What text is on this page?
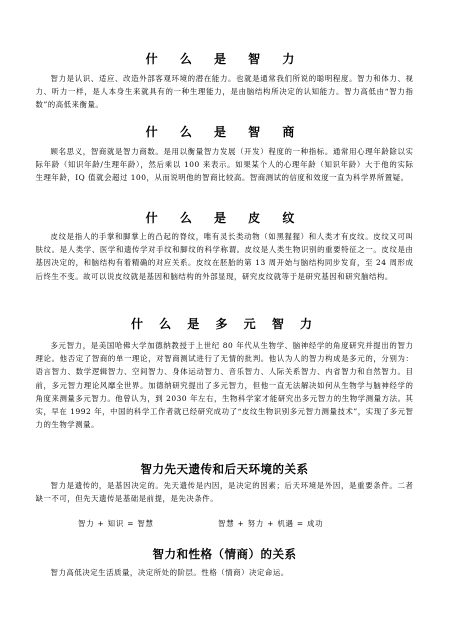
什 么 是 智 力

智力是认识、适应、改造外部客观环境的潜在能力。也就是通常我们所说的聪明程度。智力和体力、视力、听力一样，是人本身生来就具有的一种生理能力，是由脑结构所决定的认知能力。智力高低由“智力指数”的高低来衡量。

什 么 是 智 商

顾名思义，智商就是智力商数。是用以衡量智力发展（开发）程度的一种指标。通常用心理年龄除以实际年龄（知识年龄/生理年龄），然后乘以 100 来表示。如果某个人的心理年龄（知识年龄）大于他的实际生理年龄，IQ 值就会超过 100，从而说明他的智商比较高。智商测试的信度和效度一直为科学界所置疑。

什 么 是 皮 纹

皮纹是指人的手掌和脚掌上的凸起的脊纹，唯有灵长类动物（如黑猩猩）和人类才有皮纹。皮纹又可叫肤纹。是人类学、医学和遗传学对手纹和脚纹的科学称谓。皮纹是人类生物识别的重要特征之一。皮纹是由基因决定的，和脑结构有着精确的对应关系。皮纹在胚胎的第 13 周开始与脑结构同步发育，至 24 周形成后终生不变。故可以说皮纹就是基因和脑结构的外部显现，研究皮纹就等于是研究基因和研究脑结构。

什 么 是 多 元 智 力

多元智力，是美国哈佛大学加德纳教授于上世纪 80 年代从生物学、脑神经学的角度研究并提出的智力理论。他否定了智商的单一理论，对智商测试进行了无情的批判。他认为人的智力构成是多元的，分别为：语言智力、数学逻辑智力、空间智力、身体运动智力、音乐智力、人际关系智力、内省智力和自然智力。目前，多元智力理论风靡全世界。加德纳研究提出了多元智力，但他一直无法解决如何从生物学与脑神经学的角度来测量多元智力。他曾认为，到 2030 年左右，生物科学家才能研究出多元智力的生物学测量方法。其实，早在 1992 年，中国的科学工作者就已经研究成功了“皮纹生物识别多元智力测量技术”，实现了多元智力的生物学测量。

智力先天遗传和后天环境的关系

智力是遗传的，是基因决定的。先天遗传是内因，是决定的因素；后天环境是外因，是重要条件。二者缺一不可，但先天遗传是基础是前提，是先决条件。

智力 + 知识 = 智慧	智慧 + 努力 + 机遇 = 成功
智力和性格（情商）的关系

智力高低决定生活质量，决定所处的阶层。性格（情商）决定命运。
